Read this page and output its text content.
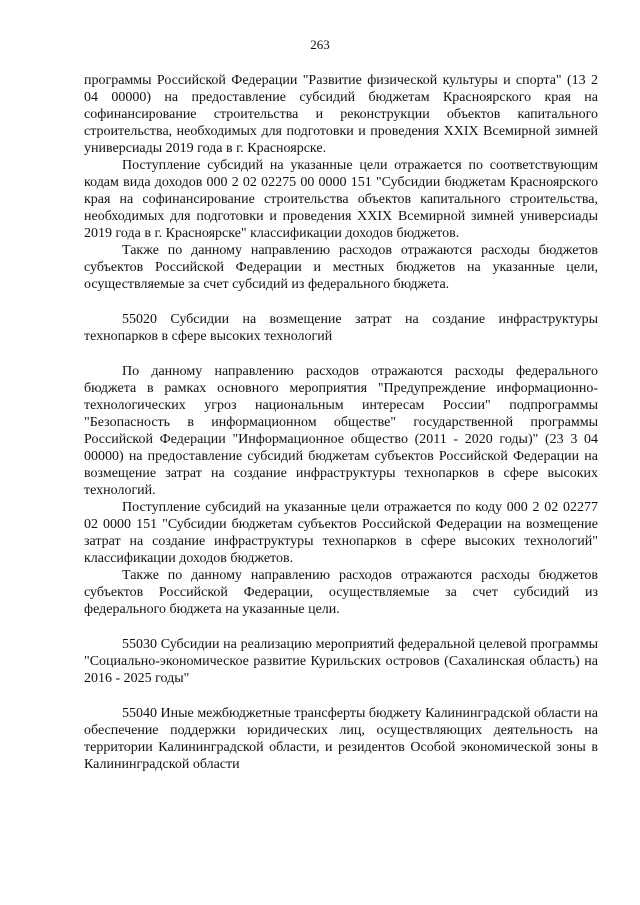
263

программы Российской Федерации "Развитие физической культуры и спорта" (13 2 04 00000) на предоставление субсидий бюджетам Красноярского края на софинансирование строительства и реконструкции объектов капитального строительства, необходимых для подготовки и проведения XXIX Всемирной зимней универсиады 2019 года в г. Красноярске.

Поступление субсидий на указанные цели отражается по соответствующим кодам вида доходов 000 2 02 02275 00 0000 151 "Субсидии бюджетам Красноярского края на софинансирование строительства объектов капитального строительства, необходимых для подготовки и проведения XXIX Всемирной зимней универсиады 2019 года в г. Красноярске" классификации доходов бюджетов.

Также по данному направлению расходов отражаются расходы бюджетов субъектов Российской Федерации и местных бюджетов на указанные цели, осуществляемые за счет субсидий из федерального бюджета.

55020 Субсидии на возмещение затрат на создание инфраструктуры технопарков в сфере высоких технологий

По данному направлению расходов отражаются расходы федерального бюджета в рамках основного мероприятия "Предупреждение информационно-технологических угроз национальным интересам России" подпрограммы "Безопасность в информационном обществе" государственной программы Российской Федерации "Информационное общество (2011 - 2020 годы)" (23 3 04 00000) на предоставление субсидий бюджетам субъектов Российской Федерации на возмещение затрат на создание инфраструктуры технопарков в сфере высоких технологий.

Поступление субсидий на указанные цели отражается по коду 000 2 02 02277 02 0000 151 "Субсидии бюджетам субъектов Российской Федерации на возмещение затрат на создание инфраструктуры технопарков в сфере высоких технологий" классификации доходов бюджетов.

Также по данному направлению расходов отражаются расходы бюджетов субъектов Российской Федерации, осуществляемые за счет субсидий из федерального бюджета на указанные цели.

55030 Субсидии на реализацию мероприятий федеральной целевой программы "Социально-экономическое развитие Курильских островов (Сахалинская область) на 2016 - 2025 годы"

55040 Иные межбюджетные трансферты бюджету Калининградской области на обеспечение поддержки юридических лиц, осуществляющих деятельность на территории Калининградской области, и резидентов Особой экономической зоны в Калининградской области
